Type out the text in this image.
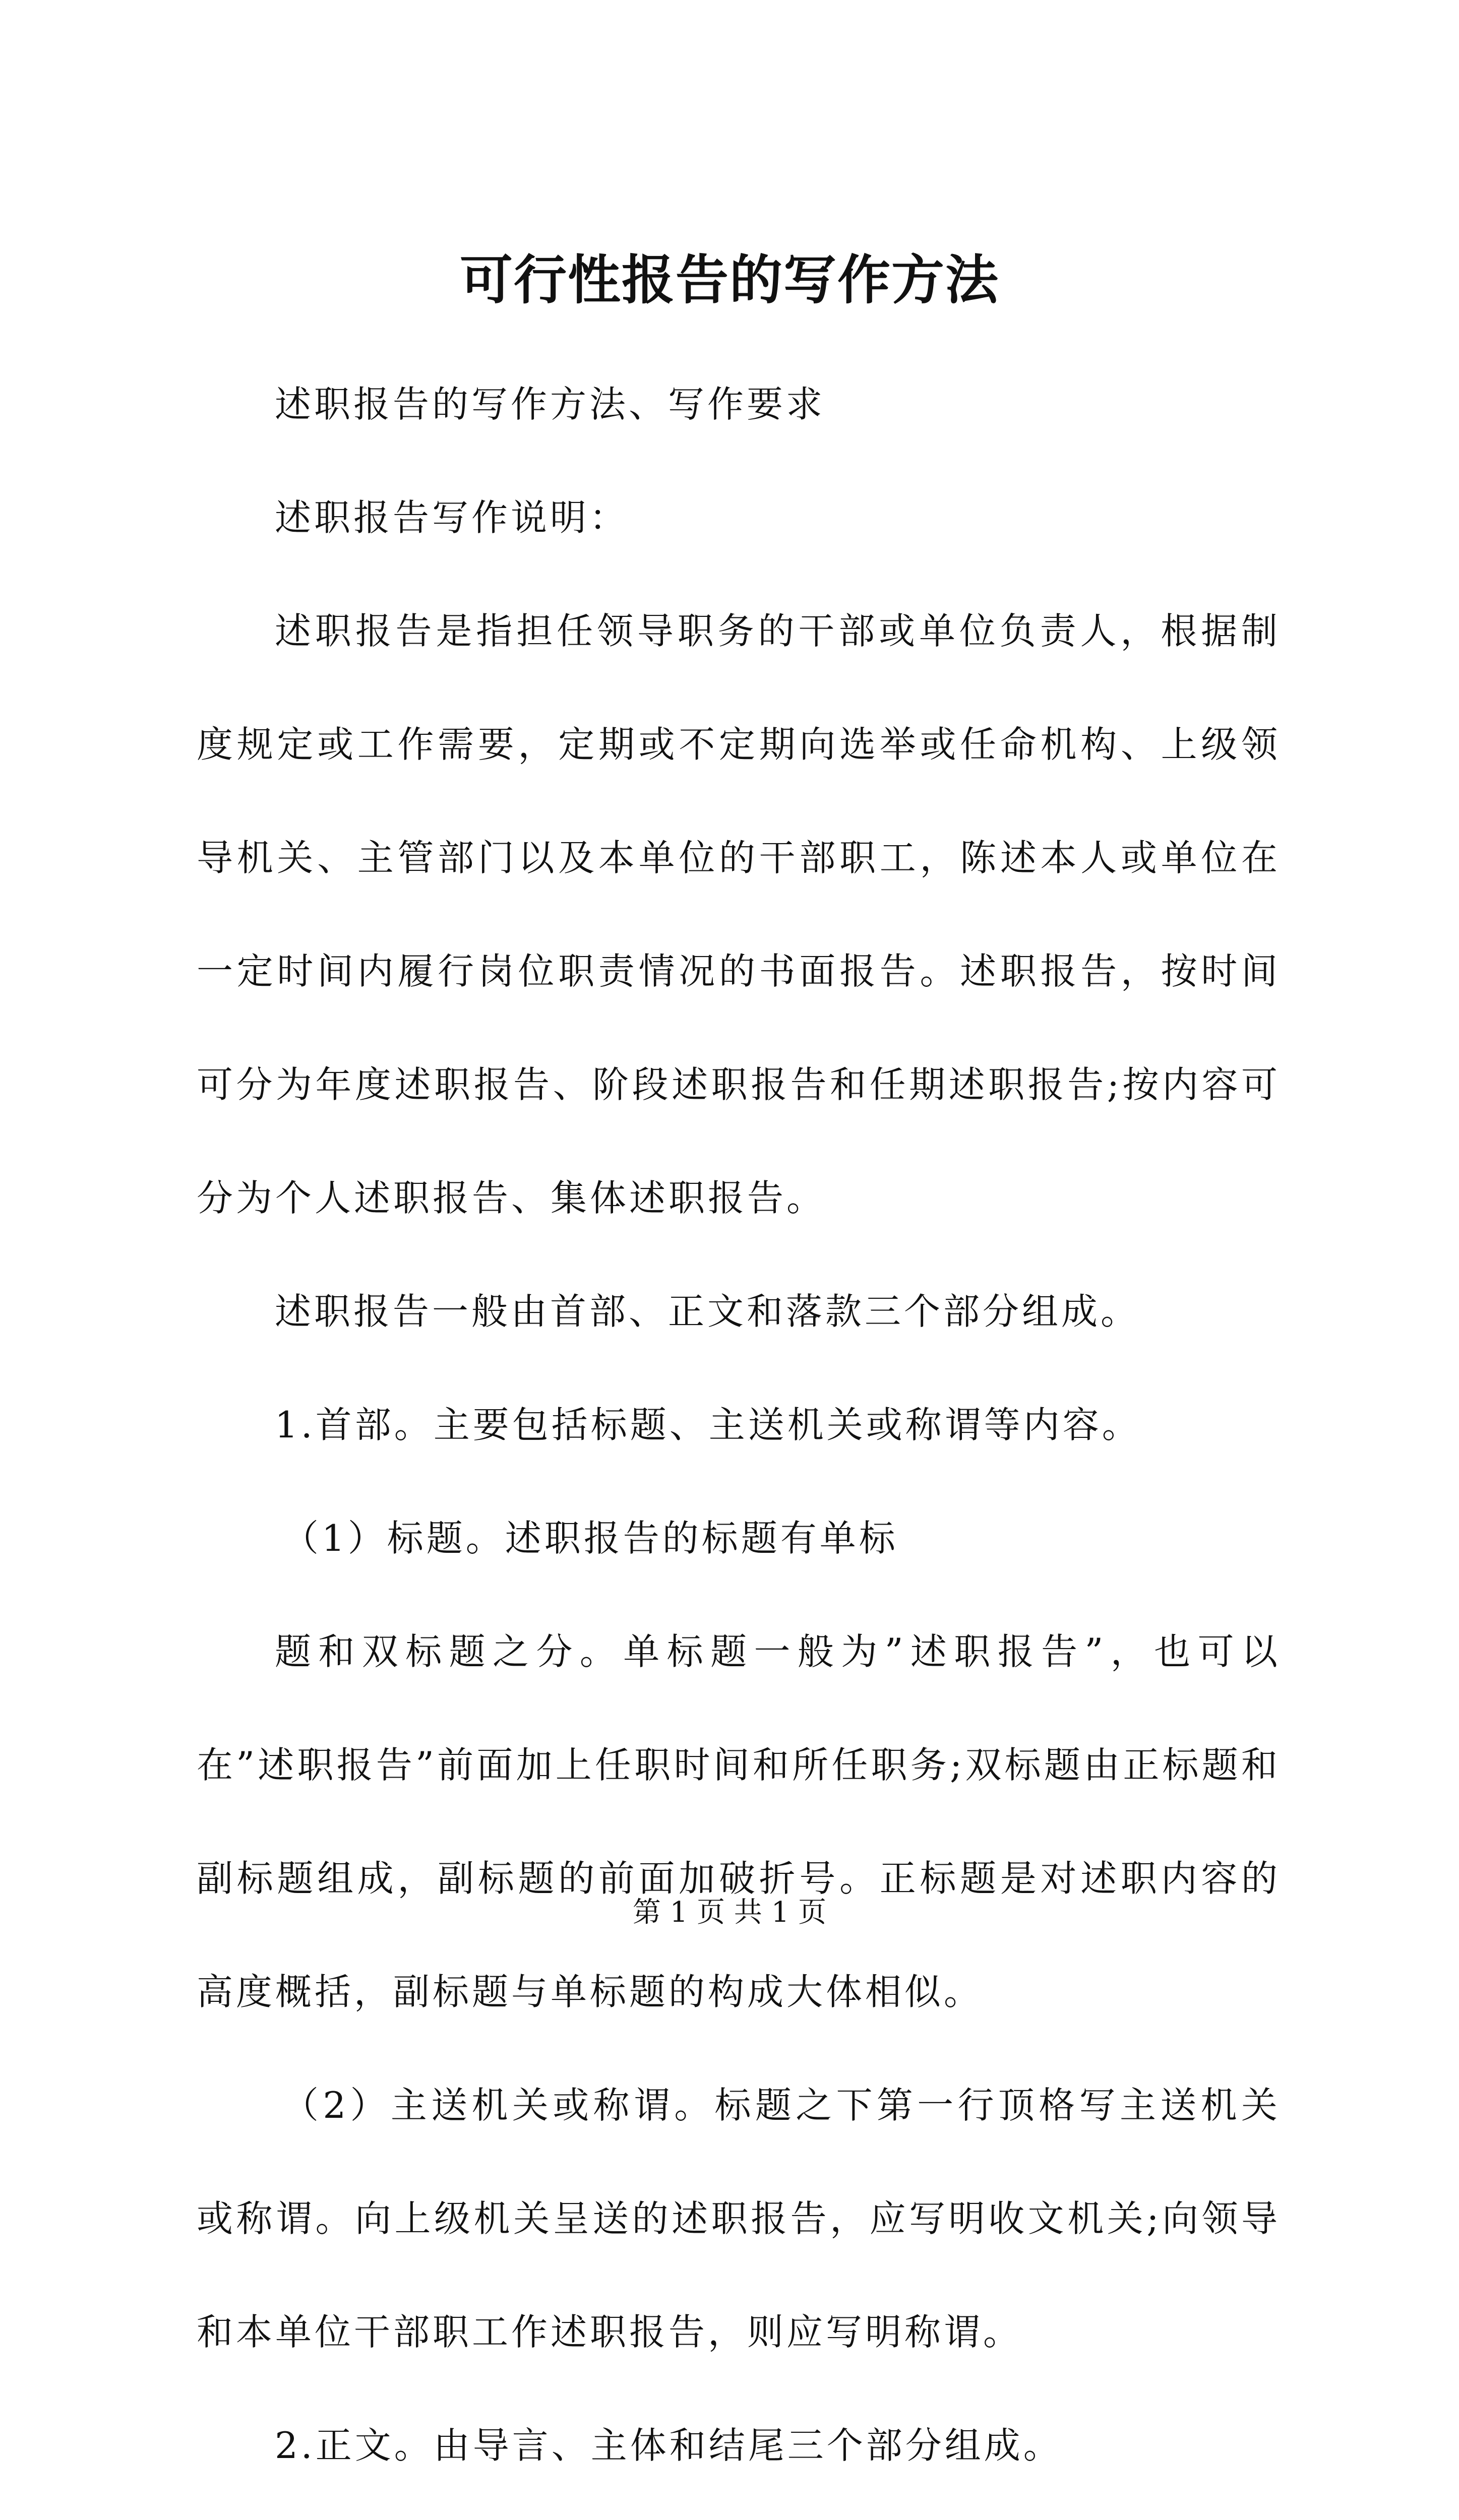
可行性报告的写作方法

述职报告的写作方法、写作要求

述职报告写作说明：

述职报告是指担任领导职务的干部或单位负责人，根据制度规定或工作需要，定期或不定期向选举或任命机构、上级领导机关、主管部门以及本单位的干部职工，陈述本人或单位在一定时间内履行岗位职责情况的书面报告。述职报告，按时间可分为年度述职报告、阶段述职报告和任期述职报告;按内容可分为个人述职报告、集体述职报告。

述职报告一般由首部、正文和落款三个部分组成。

1.首部。主要包括标题、主送机关或称谓等内容。

（1）标题。述职报告的标题有单标

题和双标题之分。单标题一般为”述职报告”，也可以在”述职报告”前面加上任职时间和所任职务;双标题由正标题和副标题组成，副标题的前面加破折号。正标题是对述职内容的高度概括，副标题与单标题的构成大体相似。

（2）主送机关或称谓。标题之下第一行顶格写主送机关或称谓。向上级机关呈送的述职报告，应写明收文机关;向领导和本单位干部职工作述职报告，则应写明称谓。

2.正文。由导言、主体和结尾三个部分组成。

第 1 页 共 1 页
